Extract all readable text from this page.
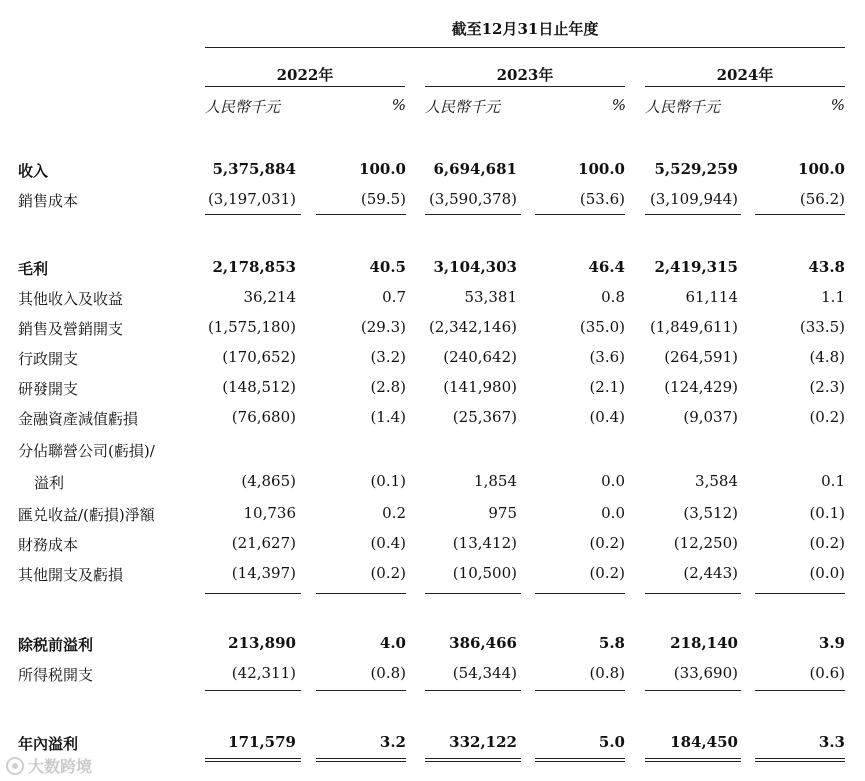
截至12月31日止年度
2022年	2023年	2024年
人民幣千元	% 人民幣千元	% 人民幣千元	%
收入	5,375,884	100.0 6,694,681	100.0 5,529,259	100.0
銷售成本	(3,197,031)	(59.5) (3,590,378)	(53.6) (3,109,944)	(56.2)
毛利	2,178,853	40.5 3,104,303	46.4 2,419,315	43.8
其他收入及收益	36,214	0.7	53,381	0.8	61,114	1.1
銷售及營銷開支	(1,575,180)	(29.3) (2,342,146)	(35.0) (1,849,611)	(33.5)
行政開支	(170,652)	(3.2) (240,642)	(3.6)	(264,591)	(4.8)
研發開支	(148,512)	(2.8) (141,980)	(2.1)	(124,429)	(2.3)
金融資產減值虧損	(76,680)	(1.4)	(25,367)	(0.4)	(9,037)	(0.2)
分佔聯營公司(虧損)/
溢利	(4,865)	(0.1)	1,854	0.0	3,584	0.1
匯兑收益/(虧損)淨額	10,736	0.2	975	0.0	(3,512)	(0.1)
財務成本	(21,627)	(0.4)	(13,412)	(0.2)	(12,250)	(0.2)
其他開支及虧損	(14,397)	(0.2)	(10,500)	(0.2)	(2,443)	(0.0)
除税前溢利	213,890	4.0	386,466	5.8	218,140	3.9
所得税開支	(42,311)	(0.8)	(54,344)	(0.8)	(33,690)	(0.6)
年內溢利	171,579	3.2	332,122	5.0	184,450	3.3
大数跨境
